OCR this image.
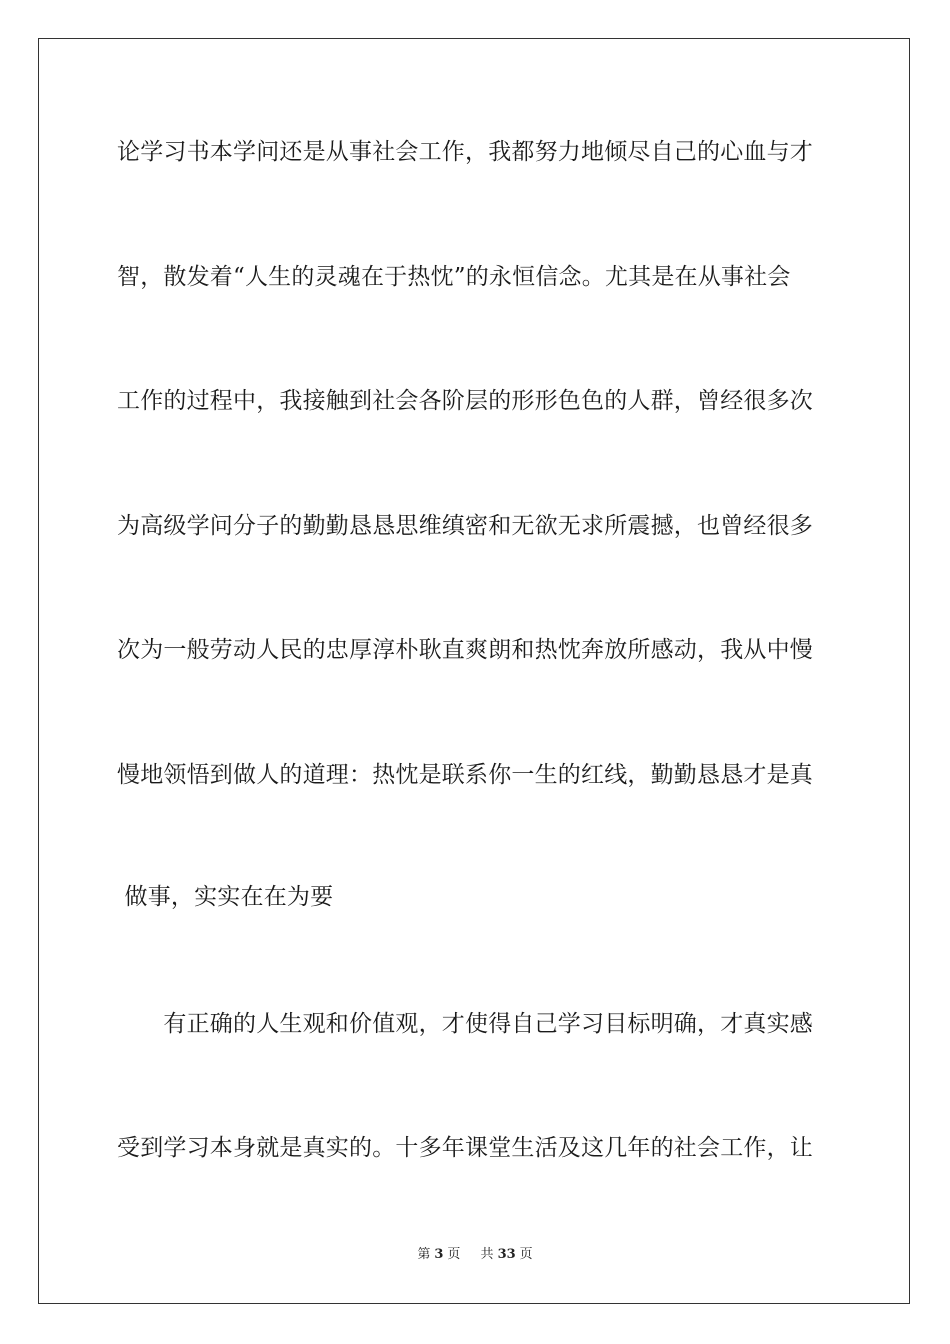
论学习书本学问还是从事社会工作，我都努力地倾尽自己的心血与才
智，散发着“人生的灵魂在于热忱”的永恒信念。尤其是在从事社会
工作的过程中，我接触到社会各阶层的形形色色的人群，曾经很多次
为高级学问分子的勤勤恳恳思维缜密和无欲无求所震撼，也曾经很多
次为一般劳动人民的忠厚淳朴耿直爽朗和热忱奔放所感动，我从中慢
慢地领悟到做人的道理：热忱是联系你一生的红线，勤勤恳恳才是真
做事，实实在在为要
　　有正确的人生观和价值观，才使得自己学习目标明确，才真实感
受到学习本身就是真实的。十多年课堂生活及这几年的社会工作，让
第 3 页 共 33 页
